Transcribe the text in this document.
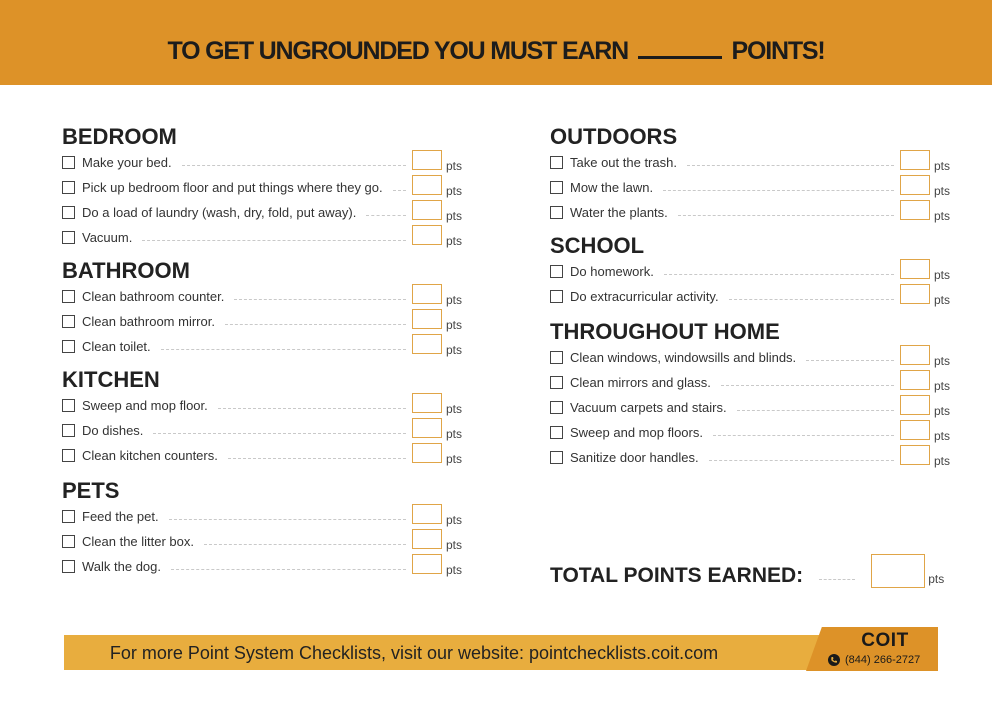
TO GET UNGROUNDED YOU MUST EARN	POINTS!
BEDROOM
Make your bed.	pts
Pick up bedroom floor and put things where they go.	pts
Do a load of laundry (wash, dry, fold, put away).	pts
Vacuum.	pts
BATHROOM
Clean bathroom counter.	pts
Clean bathroom mirror.	pts
Clean toilet.	pts
KITCHEN
Sweep and mop floor.	pts
Do dishes.	pts
Clean kitchen counters.	pts
PETS
Feed the pet.	pts
Clean the litter box.	pts
Walk the dog.	pts
OUTDOORS
Take out the trash.	pts
Mow the lawn.	pts
Water the plants.	pts
SCHOOL
Do homework.	pts
Do extracurricular activity.	pts
THROUGHOUT HOME
Clean windows, windowsills and blinds.	pts
Clean mirrors and glass.	pts
Vacuum carpets and stairs.	pts
Sweep and mop floors.	pts
Sanitize door handles.	pts
TOTAL POINTS EARNED:	pts
For more Point System Checklists, visit our website: pointchecklists.coit.com
COIT
(844) 266-2727
